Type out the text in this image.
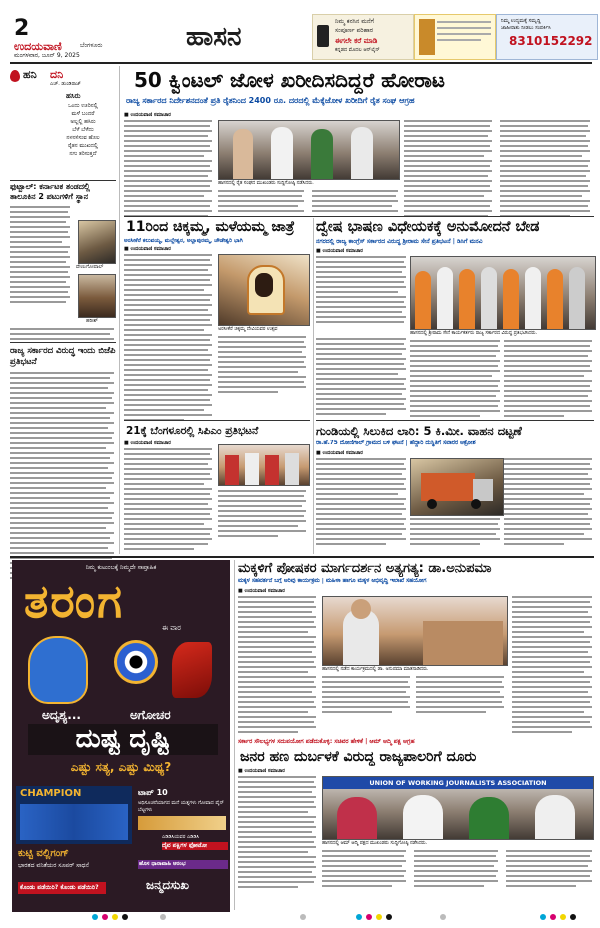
2
ಉದಯವಾಣಿ	ಬೆಂಗಳೂರು
ಮಂಗಳವಾರ, ಜೂನ್ 9, 2025
ಹಾಸನ
ನಿಮ್ಮ ಕನಸಿನ ಮನೆಗೆ
ಸಂಪೂರ್ಣ ಪರಿಹಾರ
ಈಗಲೇ ಕರೆ ಮಾಡಿ
ಕನ್ನಡದ ಮೊದಲ ಆನ್‌ಲೈನ್
ನಿಮ್ಮ ಉದ್ಯಮಕ್ಕೆ ಸಮೃದ್ಧಿ
ಜಾಹೀರಾತು ನೀಡಲು ಸಂಪರ್ಕಿಸಿ
8310152292
ಹನಿ ದನಿ
ಎಚ್. ಡುಂಡಿರಾಜ್
ಹಸಿರು
ಒಂದು ಊರಿನಲ್ಲಿ
ಮಳೆ ಬಂದರೆ
ಅಲ್ಲಲ್ಲಿ ಹಸಿರು
ಬೆಳೆ ಬೆಳೆದು
ನಳನಳಿಸುವ ಹೊಲ
ರೈತನ ಮುಖದಲ್ಲಿ
ನಗು ತರಿಸುತ್ತದೆ
ಫುಟ್ಬಾಲ್: ಕರ್ನಾಟಕ ತಂಡದಲ್ಲಿ ತಾಲೂಕಿನ 2 ಪಟುಗಳಿಗೆ ಸ್ಥಾನ
ವೇಣುಗೋಪಾಲ್
ಹರೀಶ್
ರಾಜ್ಯ ಸರ್ಕಾರದ ವಿರುದ್ಧ ಇಂದು ಬಿಜೆಪಿ ಪ್ರತಿಭಟನೆ
50 ಕ್ವಿಂಟಲ್ ಜೋಳ ಖರೀದಿಸದಿದ್ದರೆ ಹೋರಾಟ
ರಾಜ್ಯ ಸರ್ಕಾರದ ನಿರ್ದೇಶನದಂತೆ ಪ್ರತಿ ರೈತನಿಂದ 2400 ರೂ. ದರದಲ್ಲಿ ಮೆಕ್ಕೆಜೋಳ ಖರೀದಿಗೆ ರೈತ ಸಂಘ ಆಗ್ರಹ
■ ಉದಯವಾಣಿ ಸಮಾಚಾರ
ಹಾಸನದಲ್ಲಿ ರೈತ ಸಂಘದ ಮುಖಂಡರು ಸುದ್ದಿಗೋಷ್ಠಿ ನಡೆಸಿದರು.
11ರಿಂದ ಚಿಕ್ಕಮ್ಮ, ಮಳೆಯಮ್ಮ ಜಾತ್ರೆ
ಅರಸೀಕೆರೆ ಕಲುವಯ್ಯ, ಮಲ್ಲೇಶ್ವರ, ಅಲ್ಲಾಪುರಮ್ಮ, ಚೌಡೇಶ್ವರಿ ಭಾಗಿ
■ ಉದಯವಾಣಿ ಸಮಾಚಾರ
ಅರಸೀಕೆರೆ ಚಿಕ್ಕಮ್ಮ ದೇವಿಯವರ ಉತ್ಸವ
21ಕ್ಕೆ ಬೆಂಗಳೂರಲ್ಲಿ ಸಿಪಿಎಂ ಪ್ರತಿಭಟನೆ
■ ಉದಯವಾಣಿ ಸಮಾಚಾರ
ದ್ವೇಷ ಭಾಷಣ ವಿಧೇಯಕಕ್ಕೆ ಅನುಮೋದನೆ ಬೇಡ
ನಗರದಲ್ಲಿ ರಾಜ್ಯ ಕಾಂಗ್ರೆಸ್ ಸರ್ಕಾರದ ವಿರುದ್ಧ ಶ್ರೀರಾಮ ಸೇನೆ ಪ್ರತಿಭಟನೆ | ಡಿಸಿಗೆ ಮನವಿ
■ ಉದಯವಾಣಿ ಸಮಾಚಾರ
ಹಾಸನದಲ್ಲಿ ಶ್ರೀರಾಮ ಸೇನೆ ಕಾರ್ಯಕರ್ತರು ರಾಜ್ಯ ಸರ್ಕಾರದ ವಿರುದ್ಧ ಪ್ರತಿಭಟಿಸಿದರು.
ಗುಂಡಿಯಲ್ಲಿ ಸಿಲುಕಿದ ಲಾರಿ: 5 ಕಿ.ಮೀ. ವಾಹನ ದಟ್ಟಣೆ
ರಾ.ಹೆ.75 ದೋಣಿಗಾಲ್ ಗ್ರಾಮದ ಬಳಿ ಘಟನೆ | ಹೆದ್ದಾರಿ ದುಸ್ಥಿತಿಗೆ ಸವಾರರ ಆಕ್ರೋಶ
■ ಉದಯವಾಣಿ ಸಮಾಚಾರ
ನಿಮ್ಮ ಕುಟುಂಬಕ್ಕೆ ನಿಮ್ಮದೇ ಸಾಪ್ತಾಹಿಕ
ತರಂಗ	ಈ ವಾರ
ಅದೃಶ್ಯ...	ಅಗೋಚರ
ದುಷ್ಟ ದೃಷ್ಟಿ
ಎಷ್ಟು ಸತ್ಯ, ಎಷ್ಟು ಮಿಥ್ಯ?
CHAMPION
ಕುಟ್ಟಿ ವಲ್ಲಿಗಂಗ್
ಭಾರತದ ವನಿತೆಯರ ಸೂಪರ್ ಸಾಧನೆ
ಕೊಂಡು ಪಡೆಯಿರಿ? ಕೊಂಡು ಪಡೆಯಿರಿ?
ಟಾಪ್ 10
ಅಧಿಸೂಚನೆಯಾಗದ ಮನೆ ಯತ್ನಗಳು ಗೋವಾದ ಪೈನ್ ಬೆಟ್ಟಗಳು
ಎಡಿಡಿಸಿಯವರ ಎಡಿಡಿಸಿ
ದೈವ ಪಕ್ಷಿಗಳ ಫೋಟೋ
ಹೊಸ ಧಾರಾವಾಹಿ ಆರಂಭ
ಜನ್ಮದಸುಖ
ಮಕ್ಕಳಿಗೆ ಪೋಷಕರ ಮಾರ್ಗದರ್ಶನ ಅತ್ಯಗತ್ಯ: ಡಾ.ಅನುಪಮಾ
ಮಕ್ಕಳ ಸಹವರ್ತನೆ ಬಗ್ಗೆ ಅರಿವು ಕಾರ್ಯಕ್ರಮ | ಮಹಿಳಾ ಹಾಗೂ ಮಕ್ಕಳ ಅಭಿವೃದ್ಧಿ ಇಲಾಖೆ ಸಹಯೋಗ
■ ಉದಯವಾಣಿ ಸಮಾಚಾರ
ಹಾಸನದಲ್ಲಿ ನಡೆದ ಕಾರ್ಯಕ್ರಮದಲ್ಲಿ ಡಾ. ಅನುಪಮಾ ಮಾತನಾಡಿದರು.
ಸರ್ಕಾರ ಸೌಲಭ್ಯಗಳ ಸದುಪಯೋಗ ಪಡೆದುಕೊಳ್ಳಿ: ಸಚಿವರ ಹೇಳಿಕೆ | ಆಮ್ ಆದ್ಮಿ ಪಕ್ಷ ಆಗ್ರಹ
ಜನರ ಹಣ ದುರ್ಬಳಕೆ ವಿರುದ್ಧ ರಾಜ್ಯಪಾಲರಿಗೆ ದೂರು
■ ಉದಯವಾಣಿ ಸಮಾಚಾರ
UNION OF WORKING JOURNALISTS ASSOCIATION
ಹಾಸನದಲ್ಲಿ ಆಮ್ ಆದ್ಮಿ ಪಕ್ಷದ ಮುಖಂಡರು ಸುದ್ದಿಗೋಷ್ಠಿ ನಡೆಸಿದರು.
